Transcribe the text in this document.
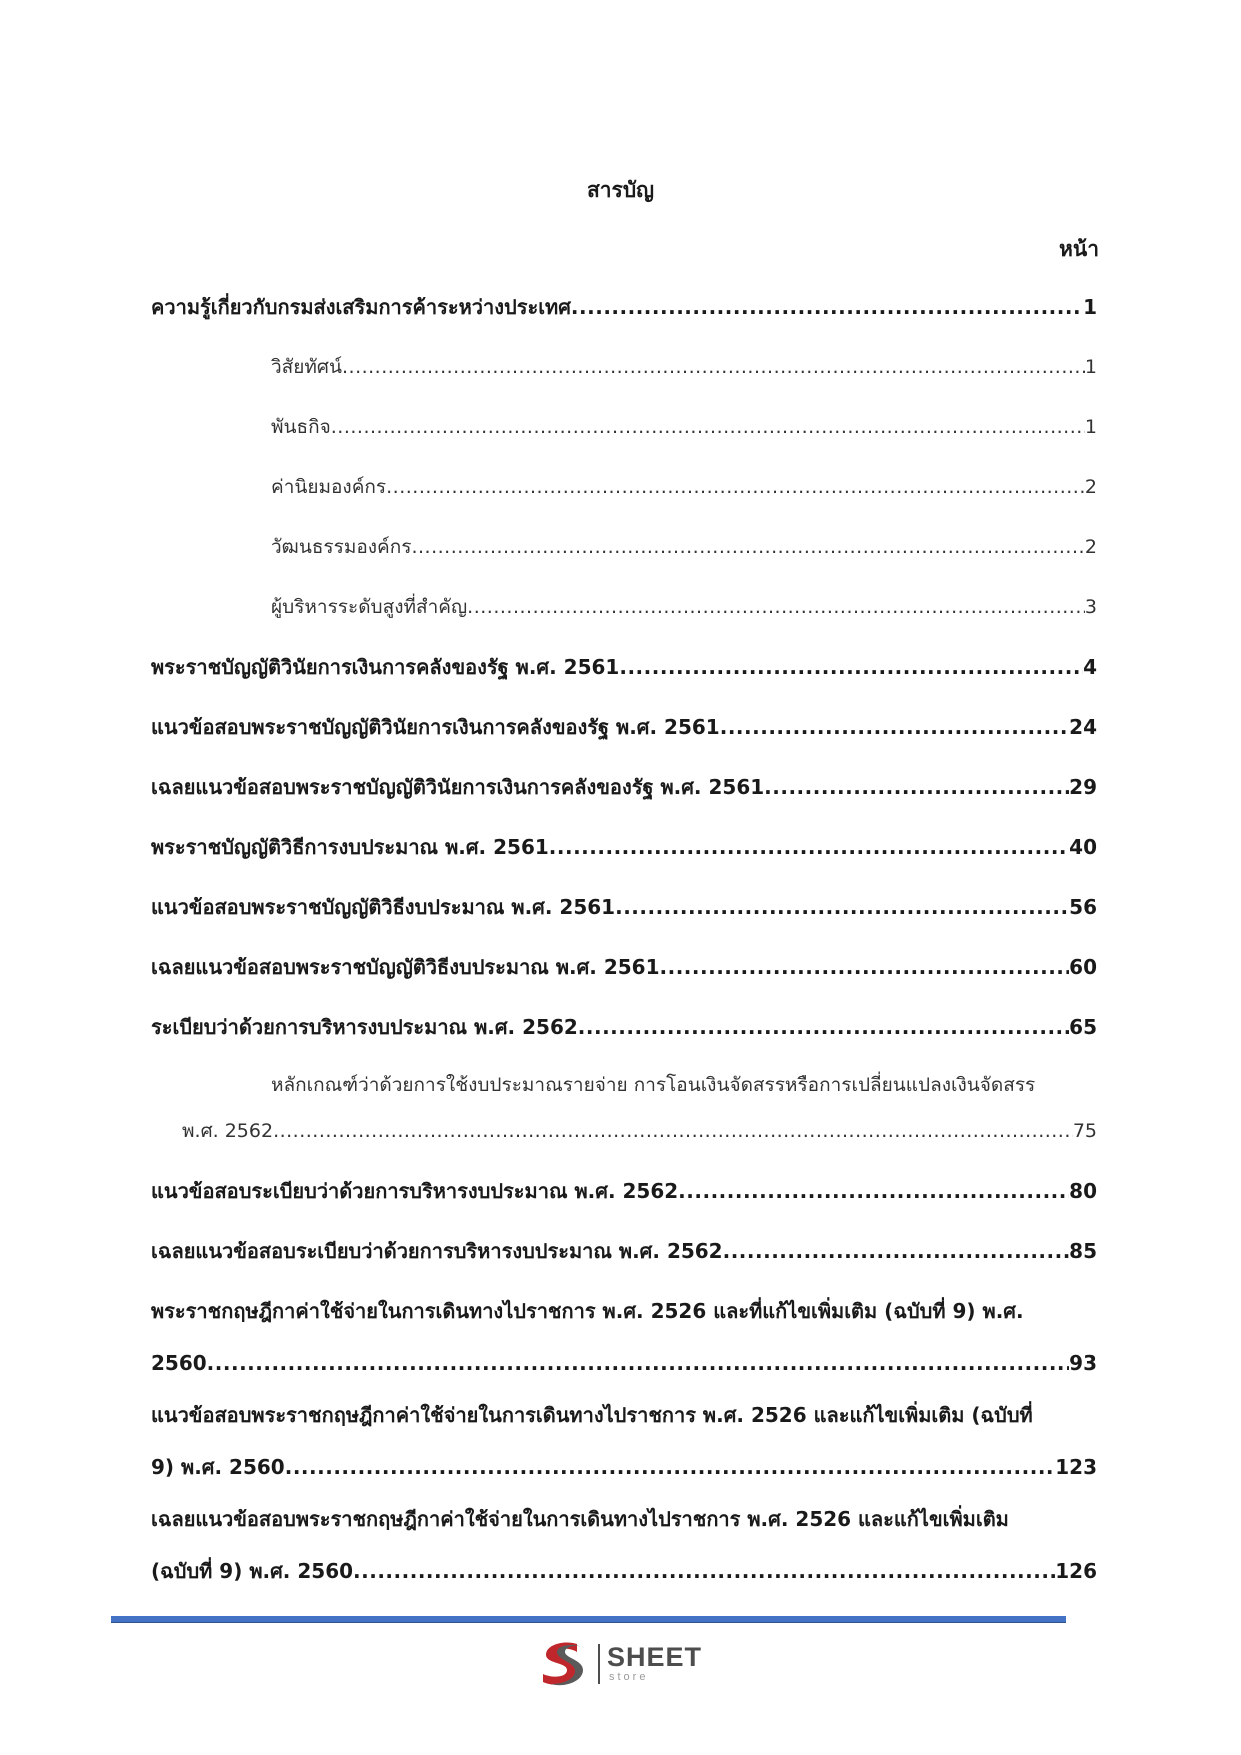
สารบัญ
หน้า
ความรู้เกี่ยวกับกรมส่งเสริมการค้าระหว่างประเทศ .....	1
วิสัยทัศน์ .....	1
พันธกิจ .....	1
ค่านิยมองค์กร .....	2
วัฒนธรรมองค์กร .....	2
ผู้บริหารระดับสูงที่สำคัญ .....	3
พระราชบัญญัติวินัยการเงินการคลังของรัฐ พ.ศ. 2561 .....	4
แนวข้อสอบพระราชบัญญัติวินัยการเงินการคลังของรัฐ พ.ศ. 2561 .....	24
เฉลยแนวข้อสอบพระราชบัญญัติวินัยการเงินการคลังของรัฐ พ.ศ. 2561 .....	29
พระราชบัญญัติวิธีการงบประมาณ พ.ศ. 2561 .....	40
แนวข้อสอบพระราชบัญญัติวิธีงบประมาณ พ.ศ. 2561 .....	56
เฉลยแนวข้อสอบพระราชบัญญัติวิธีงบประมาณ พ.ศ. 2561 .....	60
ระเบียบว่าด้วยการบริหารงบประมาณ พ.ศ. 2562 .....	65
หลักเกณฑ์ว่าด้วยการใช้งบประมาณรายจ่าย การโอนเงินจัดสรรหรือการเปลี่ยนแปลงเงินจัดสรร
พ.ศ. 2562 .....	75
แนวข้อสอบระเบียบว่าด้วยการบริหารงบประมาณ พ.ศ. 2562 .....	80
เฉลยแนวข้อสอบระเบียบว่าด้วยการบริหารงบประมาณ พ.ศ. 2562 .....	85
พระราชกฤษฎีกาค่าใช้จ่ายในการเดินทางไปราชการ พ.ศ. 2526 และที่แก้ไขเพิ่มเติม (ฉบับที่ 9) พ.ศ.
2560 .....	93
แนวข้อสอบพระราชกฤษฎีกาค่าใช้จ่ายในการเดินทางไปราชการ พ.ศ. 2526 และแก้ไขเพิ่มเติม (ฉบับที่
9) พ.ศ. 2560 .....	123
เฉลยแนวข้อสอบพระราชกฤษฎีกาค่าใช้จ่ายในการเดินทางไปราชการ พ.ศ. 2526 และแก้ไขเพิ่มเติม
(ฉบับที่ 9) พ.ศ. 2560 .....	126
SHEET
store
